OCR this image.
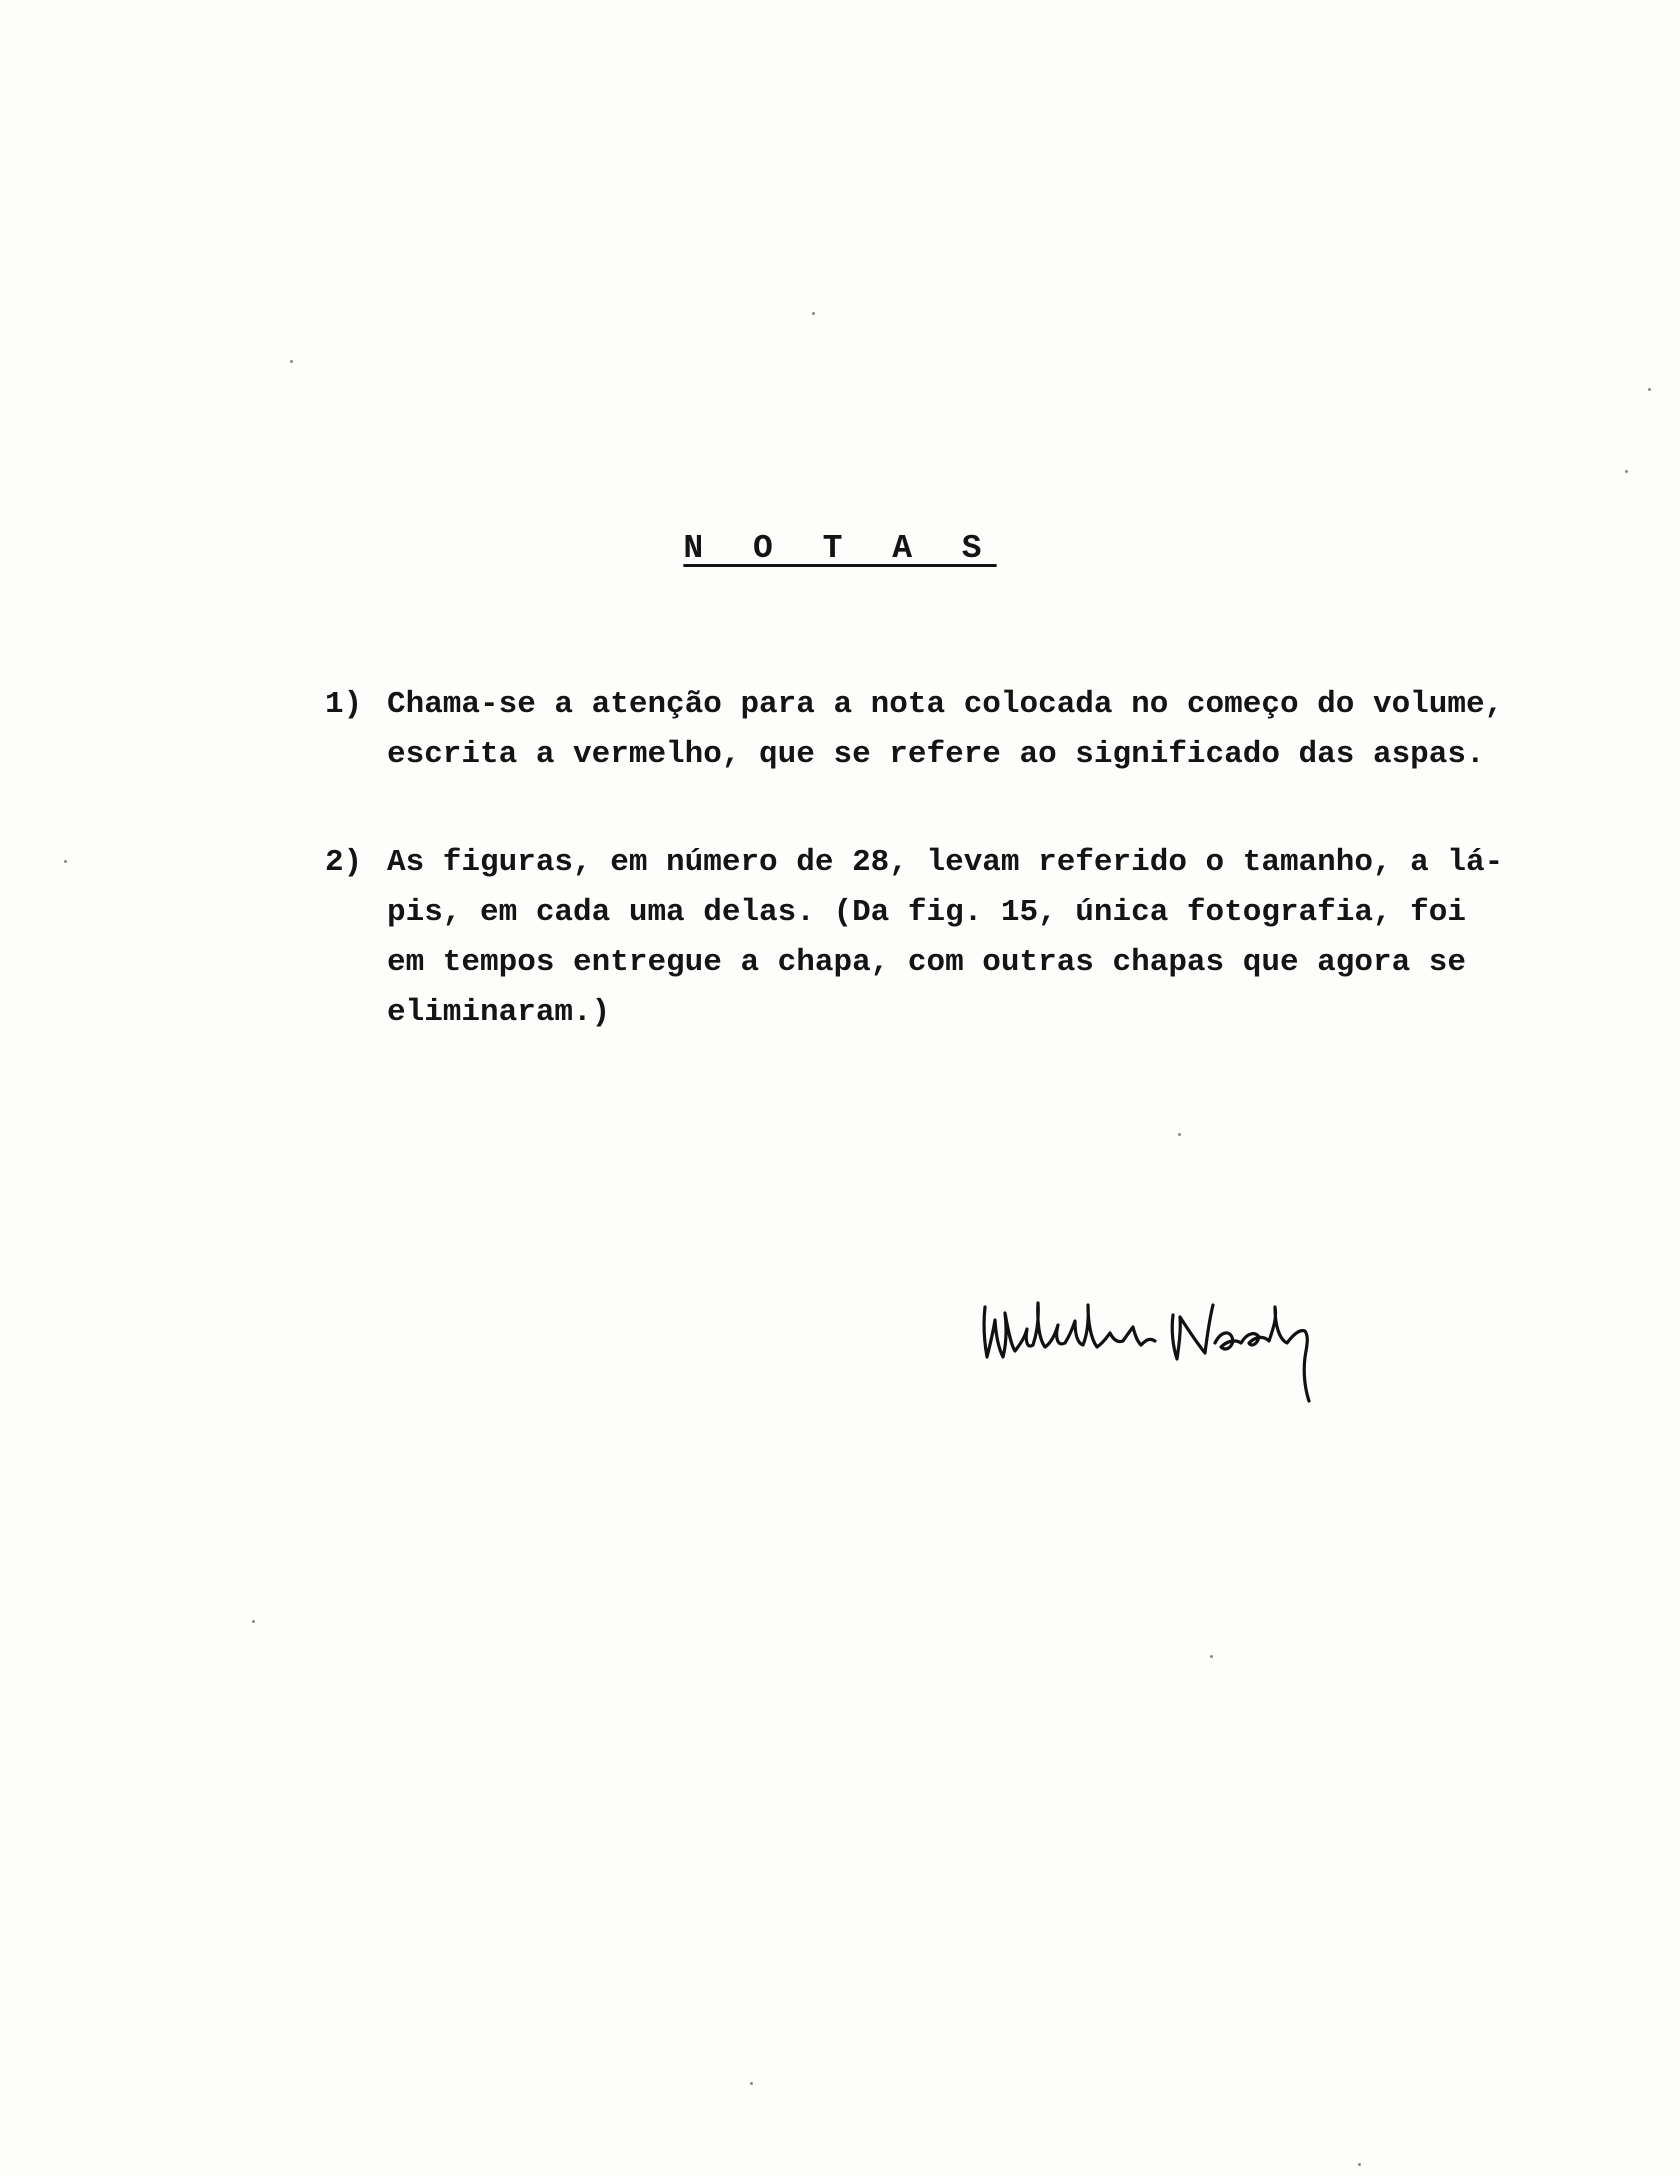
N O T A S
1) Chama-se a atenção para a nota colocada no começo do volume,
escrita a vermelho, que se refere ao significado das aspas.
2) As figuras, em número de 28, levam referido o tamanho, a lá-
pis, em cada uma delas. (Da fig. 15, única fotografia, foi
em tempos entregue a chapa, com outras chapas que agora se
eliminaram.)
